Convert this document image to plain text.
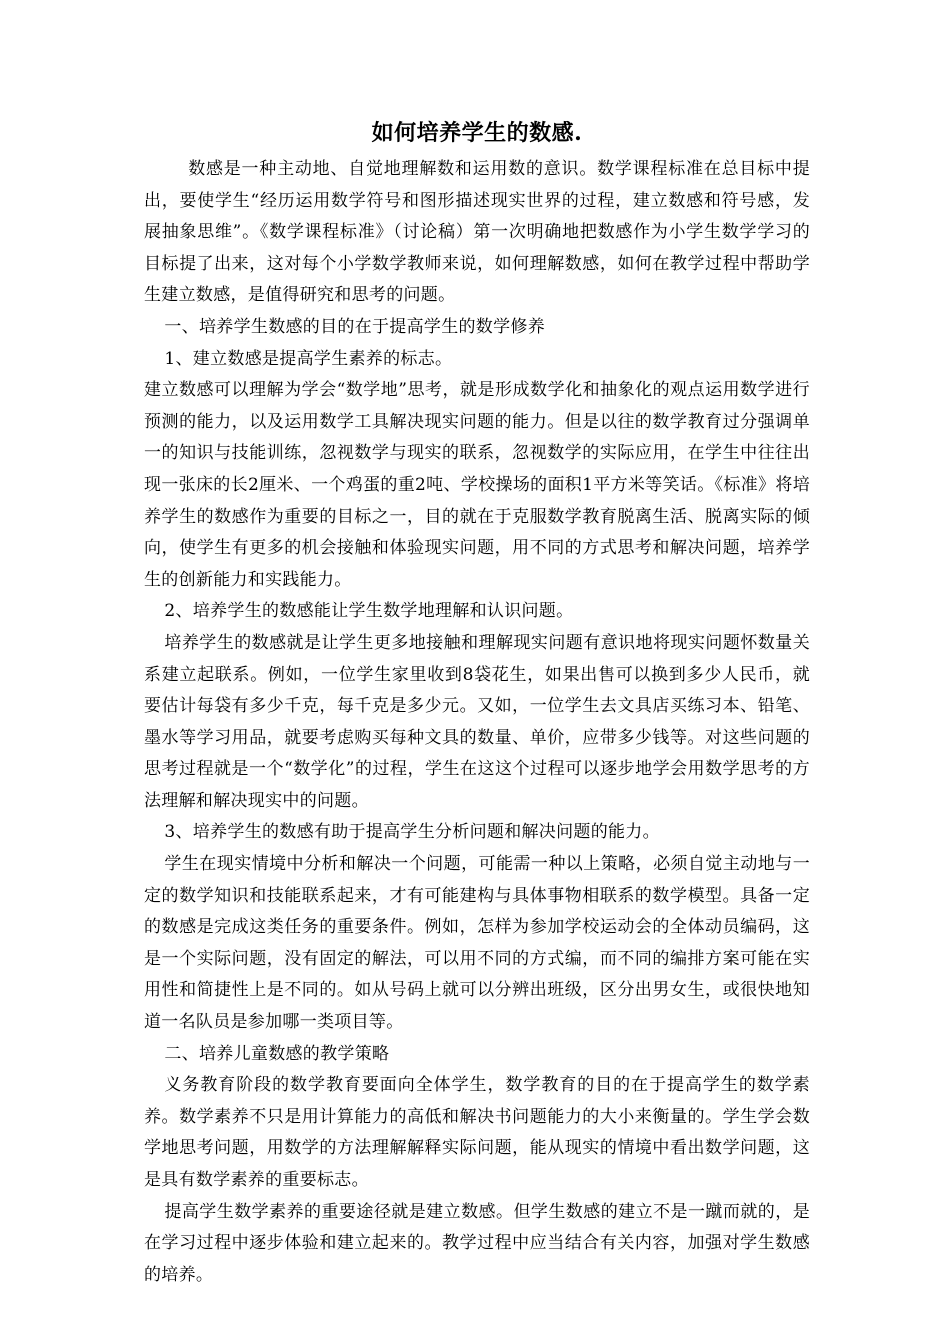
如何培养学生的数感.

数感是一种主动地、自觉地理解数和运用数的意识。数学课程标准在总目标中提出，要使学生“经历运用数学符号和图形描述现实世界的过程，建立数感和符号感，发展抽象思维”。《数学课程标准》（讨论稿）第一次明确地把数感作为小学生数学学习的目标提了出来，这对每个小学数学教师来说，如何理解数感，如何在教学过程中帮助学生建立数感，是值得研究和思考的问题。

一、培养学生数感的目的在于提高学生的数学修养

1、建立数感是提高学生素养的标志。

建立数感可以理解为学会“数学地”思考，就是形成数学化和抽象化的观点运用数学进行预测的能力，以及运用数学工具解决现实问题的能力。但是以往的数学教育过分强调单一的知识与技能训练，忽视数学与现实的联系，忽视数学的实际应用，在学生中往往出现一张床的长2厘米、一个鸡蛋的重2吨、学校操场的面积1平方米等笑话。《标准》将培养学生的数感作为重要的目标之一，目的就在于克服数学教育脱离生活、脱离实际的倾向，使学生有更多的机会接触和体验现实问题，用不同的方式思考和解决问题，培养学生的创新能力和实践能力。

2、培养学生的数感能让学生数学地理解和认识问题。

培养学生的数感就是让学生更多地接触和理解现实问题有意识地将现实问题怀数量关系建立起联系。例如，一位学生家里收到8袋花生，如果出售可以换到多少人民币，就要估计每袋有多少千克，每千克是多少元。又如，一位学生去文具店买练习本、铅笔、墨水等学习用品，就要考虑购买每种文具的数量、单价，应带多少钱等。对这些问题的思考过程就是一个“数学化”的过程，学生在这这个过程可以逐步地学会用数学思考的方法理解和解决现实中的问题。

3、培养学生的数感有助于提高学生分析问题和解决问题的能力。

学生在现实情境中分析和解决一个问题，可能需一种以上策略，必须自觉主动地与一定的数学知识和技能联系起来，才有可能建构与具体事物相联系的数学模型。具备一定的数感是完成这类任务的重要条件。例如，怎样为参加学校运动会的全体动员编码，这是一个实际问题，没有固定的解法，可以用不同的方式编，而不同的编排方案可能在实用性和简捷性上是不同的。如从号码上就可以分辨出班级，区分出男女生，或很快地知道一名队员是参加哪一类项目等。

二、培养儿童数感的教学策略

义务教育阶段的数学教育要面向全体学生，数学教育的目的在于提高学生的数学素养。数学素养不只是用计算能力的高低和解决书问题能力的大小来衡量的。学生学会数学地思考问题，用数学的方法理解解释实际问题，能从现实的情境中看出数学问题，这是具有数学素养的重要标志。

提高学生数学素养的重要途径就是建立数感。但学生数感的建立不是一蹴而就的，是在学习过程中逐步体验和建立起来的。教学过程中应当结合有关内容，加强对学生数感的培养。
